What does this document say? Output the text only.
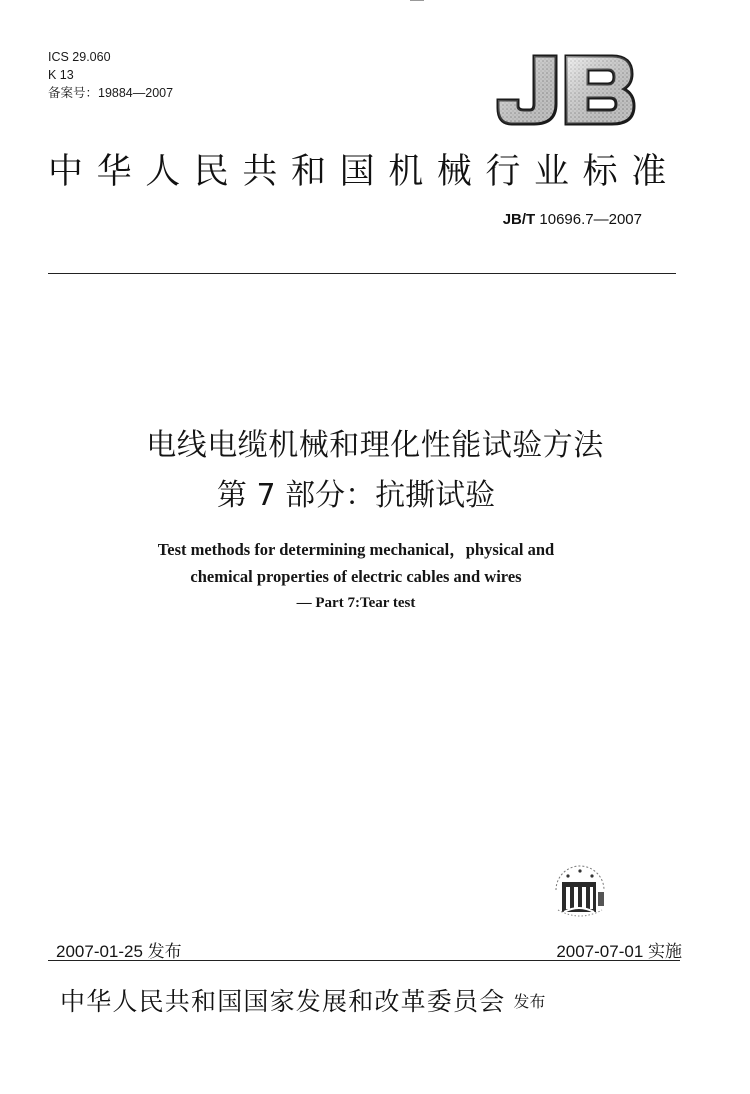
ICS 29.060
K 13
备案号：19884—2007
中华人民共和国机械行业标准
JB/T 10696.7—2007
电线电缆机械和理化性能试验方法
第 7 部分：抗撕试验
Test methods for determining mechanical，physical and
chemical properties of electric cables and wires
— Part 7:Tear test
2007-01-25 发布	2007-07-01 实施
中华人民共和国国家发展和改革委员会 发布
